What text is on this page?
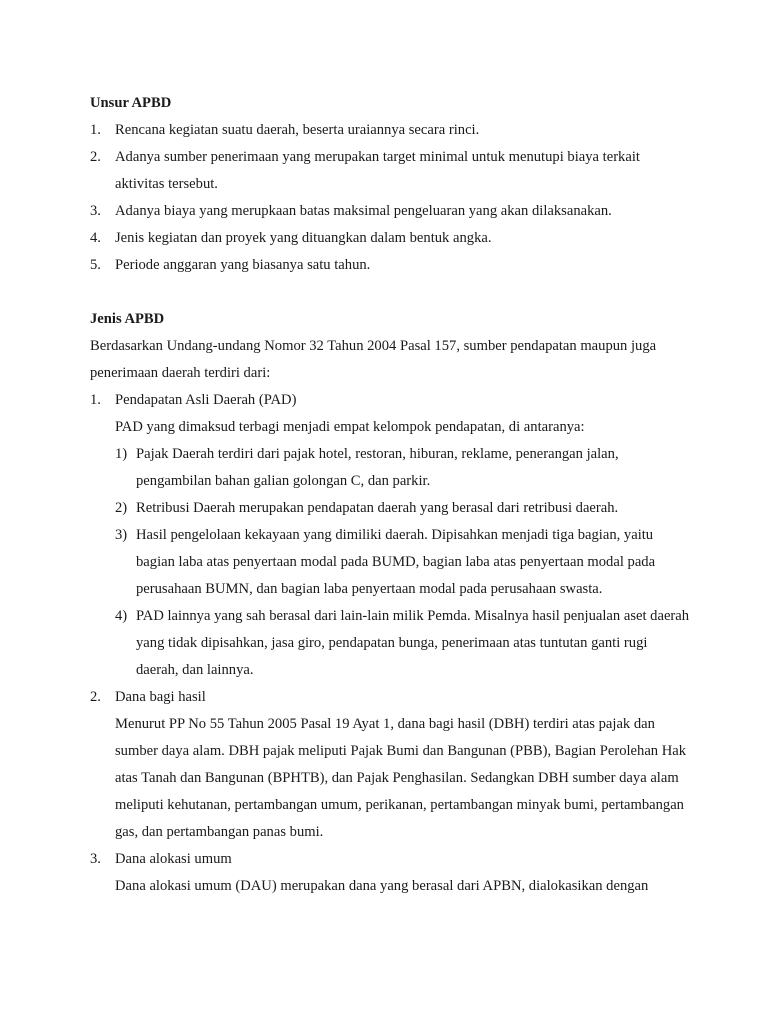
Unsur APBD

1. Rencana kegiatan suatu daerah, beserta uraiannya secara rinci.
2. Adanya sumber penerimaan yang merupakan target minimal untuk menutupi biaya terkait aktivitas tersebut.
3. Adanya biaya yang merupkaan batas maksimal pengeluaran yang akan dilaksanakan.
4. Jenis kegiatan dan proyek yang dituangkan dalam bentuk angka.
5. Periode anggaran yang biasanya satu tahun.

Jenis APBD

Berdasarkan Undang-undang Nomor 32 Tahun 2004 Pasal 157, sumber pendapatan maupun juga penerimaan daerah terdiri dari:

1. Pendapatan Asli Daerah (PAD)

PAD yang dimaksud terbagi menjadi empat kelompok pendapatan, di antaranya:

1) Pajak Daerah terdiri dari pajak hotel, restoran, hiburan, reklame, penerangan jalan, pengambilan bahan galian golongan C, dan parkir.
2) Retribusi Daerah merupakan pendapatan daerah yang berasal dari retribusi daerah.
3) Hasil pengelolaan kekayaan yang dimiliki daerah. Dipisahkan menjadi tiga bagian, yaitu bagian laba atas penyertaan modal pada BUMD, bagian laba atas penyertaan modal pada perusahaan BUMN, dan bagian laba penyertaan modal pada perusahaan swasta.
4) PAD lainnya yang sah berasal dari lain-lain milik Pemda. Misalnya hasil penjualan aset daerah yang tidak dipisahkan, jasa giro, pendapatan bunga, penerimaan atas tuntutan ganti rugi daerah, dan lainnya.
2. Dana bagi hasil

Menurut PP No 55 Tahun 2005 Pasal 19 Ayat 1, dana bagi hasil (DBH) terdiri atas pajak dan sumber daya alam. DBH pajak meliputi Pajak Bumi dan Bangunan (PBB), Bagian Perolehan Hak atas Tanah dan Bangunan (BPHTB), dan Pajak Penghasilan. Sedangkan DBH sumber daya alam meliputi kehutanan, pertambangan umum, perikanan, pertambangan minyak bumi, pertambangan gas, dan pertambangan panas bumi.

3. Dana alokasi umum

Dana alokasi umum (DAU) merupakan dana yang berasal dari APBN, dialokasikan dengan
